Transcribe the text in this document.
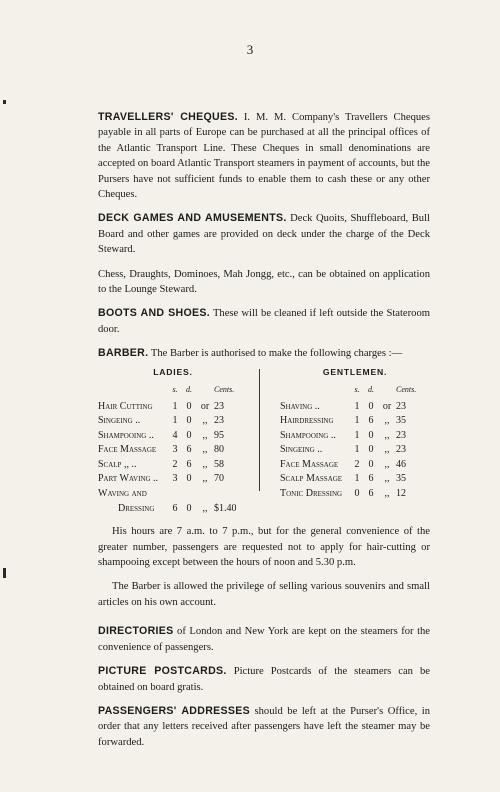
3

TRAVELLERS' CHEQUES. I. M. M. Company's Travellers Cheques payable in all parts of Europe can be purchased at all the principal offices of the Atlantic Transport Line. These Cheques in small denominations are accepted on board Atlantic Transport steamers in payment of accounts, but the Pursers have not sufficient funds to enable them to cash these or any other Cheques.

DECK GAMES AND AMUSEMENTS. Deck Quoits, Shuffleboard, Bull Board and other games are provided on deck under the charge of the Deck Steward.

Chess, Draughts, Dominoes, Mah Jongg, etc., can be obtained on application to the Lounge Steward.

BOOTS AND SHOES. These will be cleaned if left outside the Stateroom door.

BARBER. The Barber is authorised to make the following charges :—

LADIES.
s.	d.	Cents.
Hair Cutting	1 0 or 23
Singeing ..	1 0	,, 23
Shampooing ..	4 0	,, 95
Face Massage	3 6	,, 80
Scalp ,, ..	2 6	,, 58
Part Waving ..	3 0	,, 70
Waving and
Dressing	6 0	,, $1.40
GENTLEMEN.
s.	d.	Cents.
Shaving ..	1 0 or 23
Hairdressing	1 6	,, 35
Shampooing ..	1 0	,, 23
Singeing ..	1 0	,, 23
Face Massage	2 0	,, 46
Scalp Massage	1 6	,, 35
Tonic Dressing	0 6	,, 12

His hours are 7 a.m. to 7 p.m., but for the general convenience of the greater number, passengers are requested not to apply for hair-cutting or shampooing except between the hours of noon and 5.30 p.m.

The Barber is allowed the privilege of selling various souvenirs and small articles on his own account.

DIRECTORIES of London and New York are kept on the steamers for the convenience of passengers.

PICTURE POSTCARDS. Picture Postcards of the steamers can be obtained on board gratis.

PASSENGERS' ADDRESSES should be left at the Purser's Office, in order that any letters received after passengers have left the steamer may be forwarded.
